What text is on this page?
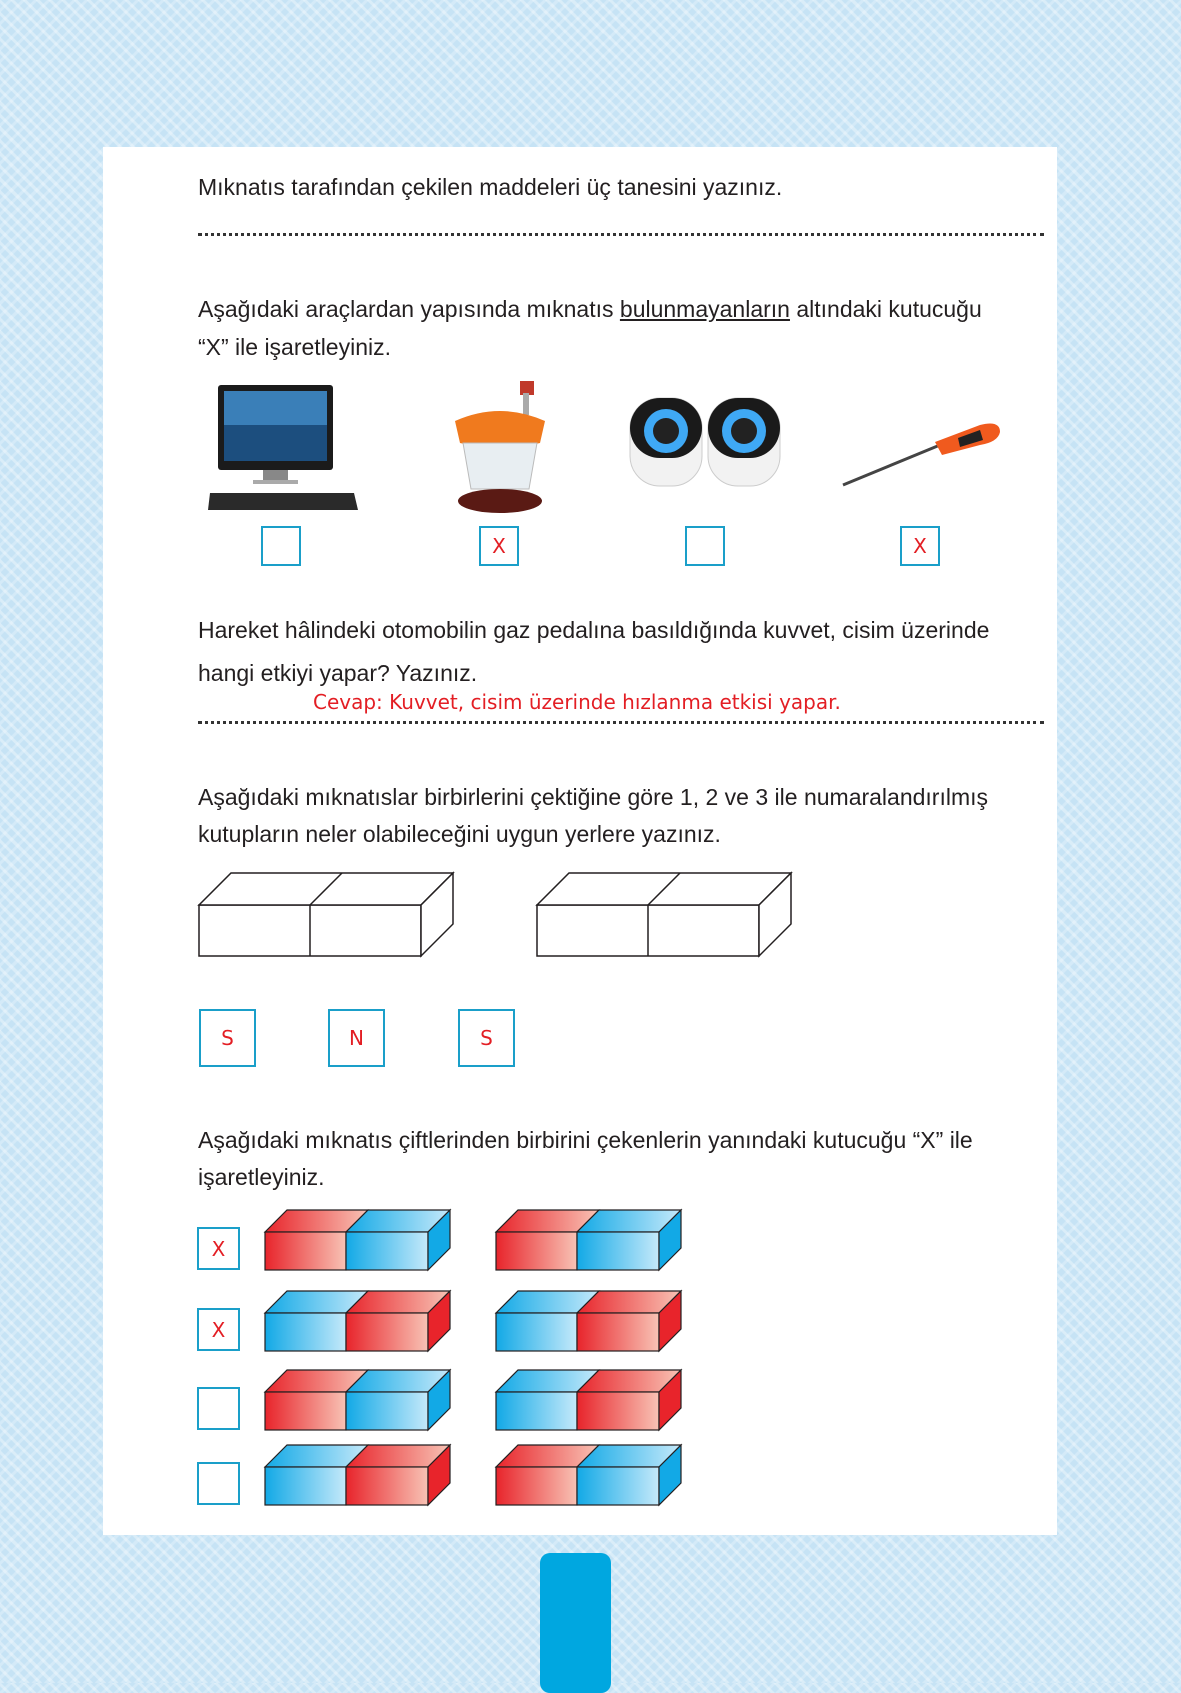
Mıknatıs tarafından çekilen maddeleri üç tanesini yazınız.
Aşağıdaki araçlardan yapısında mıknatıs bulunmayanların altındaki kutucuğu
“X” ile işaretleyiniz.
X	X
Hareket hâlindeki otomobilin gaz pedalına basıldığında kuvvet, cisim üzerinde
hangi etkiyi yapar? Yazınız.
Cevap: Kuvvet, cisim üzerinde hızlanma etkisi yapar.
Aşağıdaki mıknatıslar birbirlerini çektiğine göre 1, 2 ve 3 ile numaralandırılmış
kutupların neler olabileceğini uygun yerlere yazınız.
S	N	S
Aşağıdaki mıknatıs çiftlerinden birbirini çekenlerin yanındaki kutucuğu “X” ile
işaretleyiniz.
X
X
